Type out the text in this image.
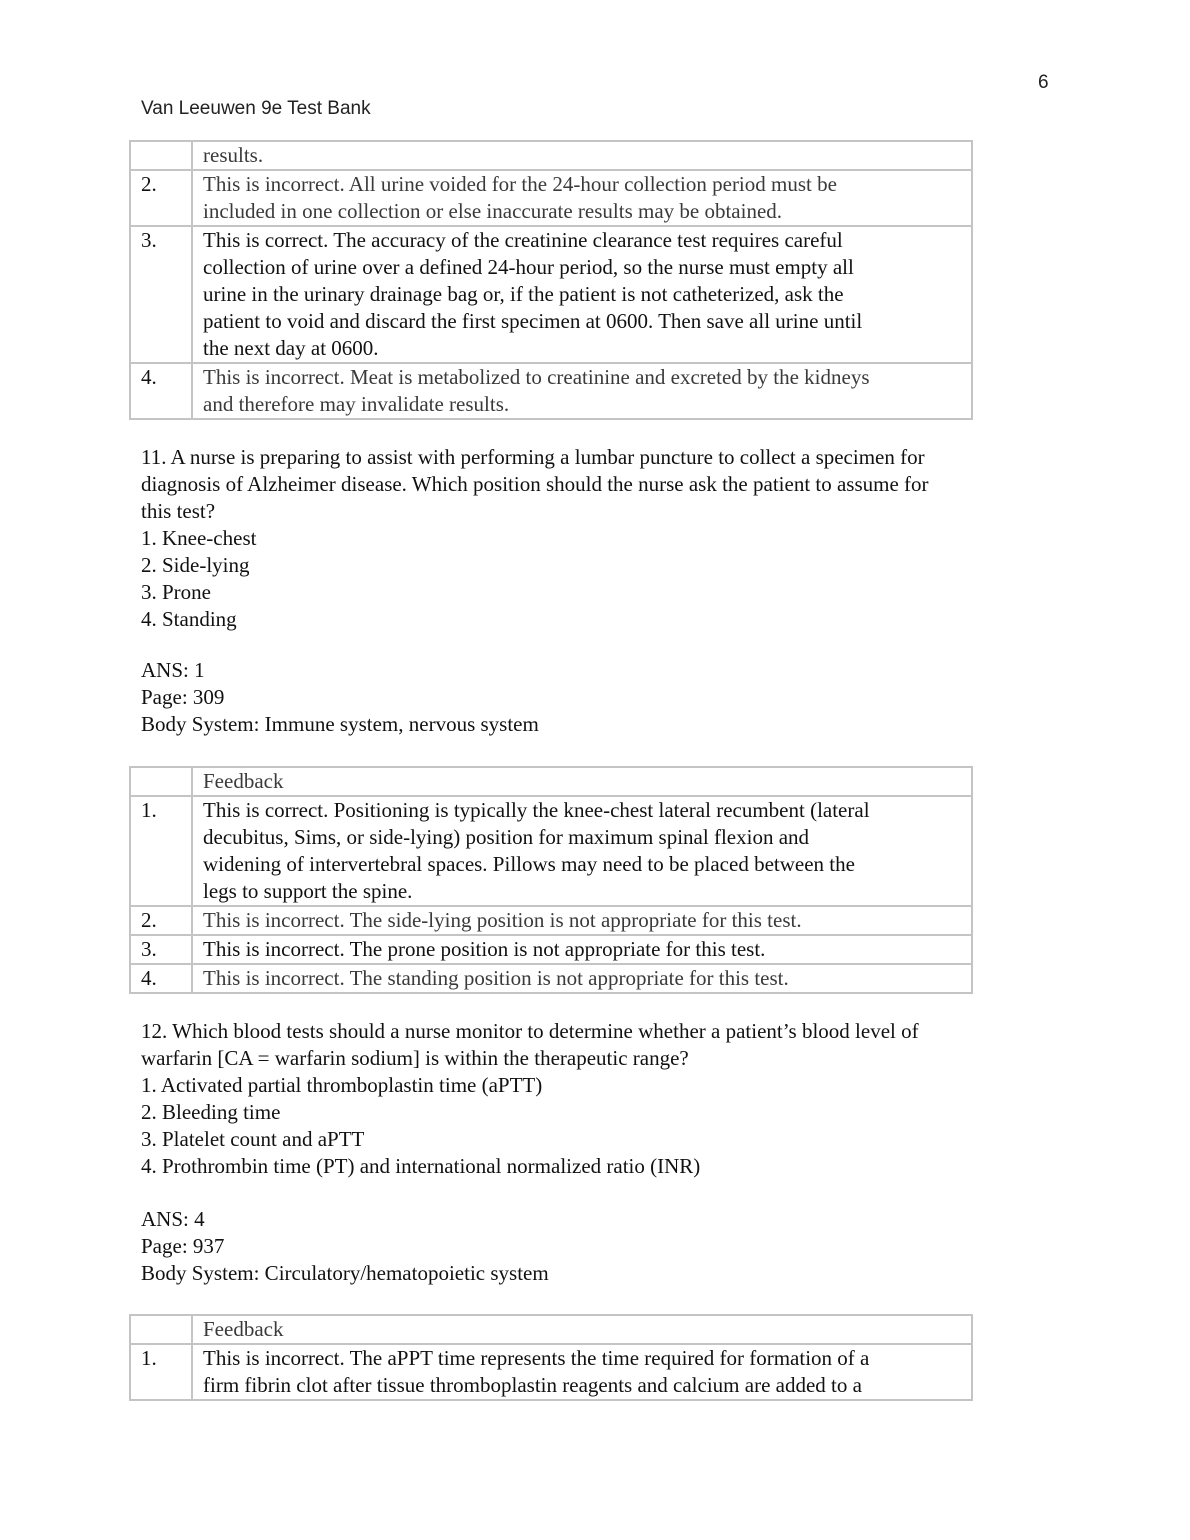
6
Van Leeuwen 9e Test Bank

	results.

2.	This is incorrect. All urine voided for the 24-hour collection period must be
included in one collection or else inaccurate results may be obtained.

3.	This is correct. The accuracy of the creatinine clearance test requires careful
collection of urine over a defined 24-hour period, so the nurse must empty all
urine in the urinary drainage bag or, if the patient is not catheterized, ask the
patient to void and discard the first specimen at 0600. Then save all urine until
the next day at 0600.

4.	This is incorrect. Meat is metabolized to creatinine and excreted by the kidneys
and therefore may invalidate results.
11. A nurse is preparing to assist with performing a lumbar puncture to collect a specimen for
diagnosis of Alzheimer disease. Which position should the nurse ask the patient to assume for
this test?
1. Knee-chest
2. Side-lying
3. Prone
4. Standing
ANS: 1
Page: 309
Body System: Immune system, nervous system
	Feedback
1.	This is correct. Positioning is typically the knee-chest lateral recumbent (lateral
decubitus, Sims, or side-lying) position for maximum spinal flexion and
widening of intervertebral spaces. Pillows may need to be placed between the
legs to support the spine.

2.	This is incorrect. The side-lying position is not appropriate for this test.

3.	This is incorrect. The prone position is not appropriate for this test.

4.	This is incorrect. The standing position is not appropriate for this test.
12. Which blood tests should a nurse monitor to determine whether a patient’s blood level of
warfarin [CA = warfarin sodium] is within the therapeutic range?
1. Activated partial thromboplastin time (aPTT)
2. Bleeding time
3. Platelet count and aPTT
4. Prothrombin time (PT) and international normalized ratio (INR)
ANS: 4
Page: 937
Body System: Circulatory/hematopoietic system
	Feedback
1.	This is incorrect. The aPPT time represents the time required for formation of a
firm fibrin clot after tissue thromboplastin reagents and calcium are added to a
